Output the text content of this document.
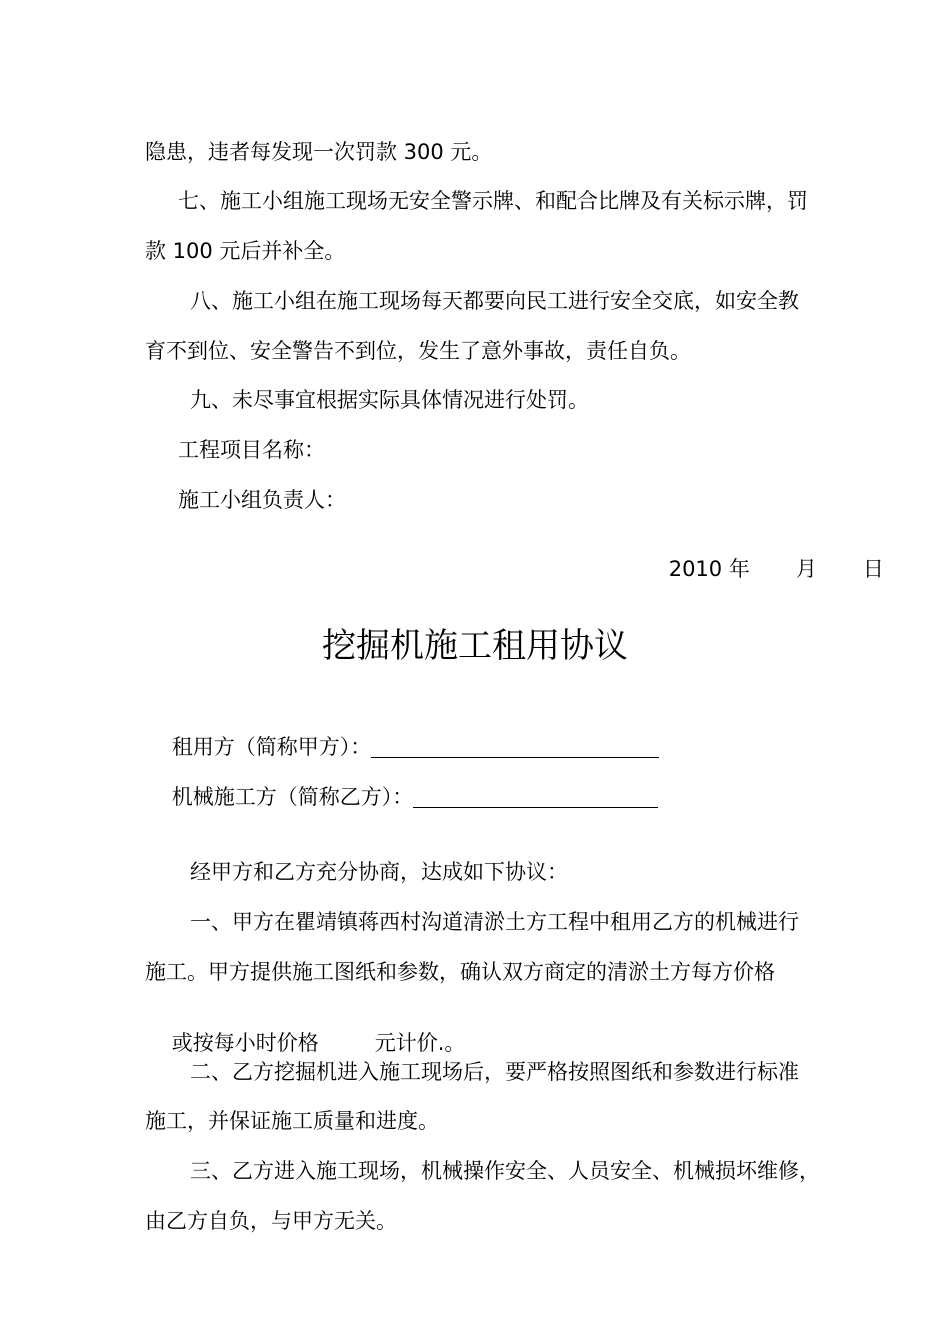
隐患，违者每发现一次罚款 300 元。
七、施工小组施工现场无安全警示牌、和配合比牌及有关标示牌，罚
款 100 元后并补全。
八、施工小组在施工现场每天都要向民工进行安全交底，如安全教
育不到位、安全警告不到位，发生了意外事故，责任自负。
九、未尽事宜根据实际具体情况进行处罚。
工程项目名称：
施工小组负责人：

2010 年 月 日

挖掘机施工租用协议

租用方（简称甲方）：

机械施工方（简称乙方）：

经甲方和乙方充分协商，达成如下协议：
一、甲方在瞿靖镇蒋西村沟道清淤土方工程中租用乙方的机械进行
施工。甲方提供施工图纸和参数，确认双方商定的清淤土方每方价格

或按每小时价格	元计价.。

二、乙方挖掘机进入施工现场后，要严格按照图纸和参数进行标准
施工，并保证施工质量和进度。
三、乙方进入施工现场，机械操作安全、人员安全、机械损坏维修，
由乙方自负，与甲方无关。
